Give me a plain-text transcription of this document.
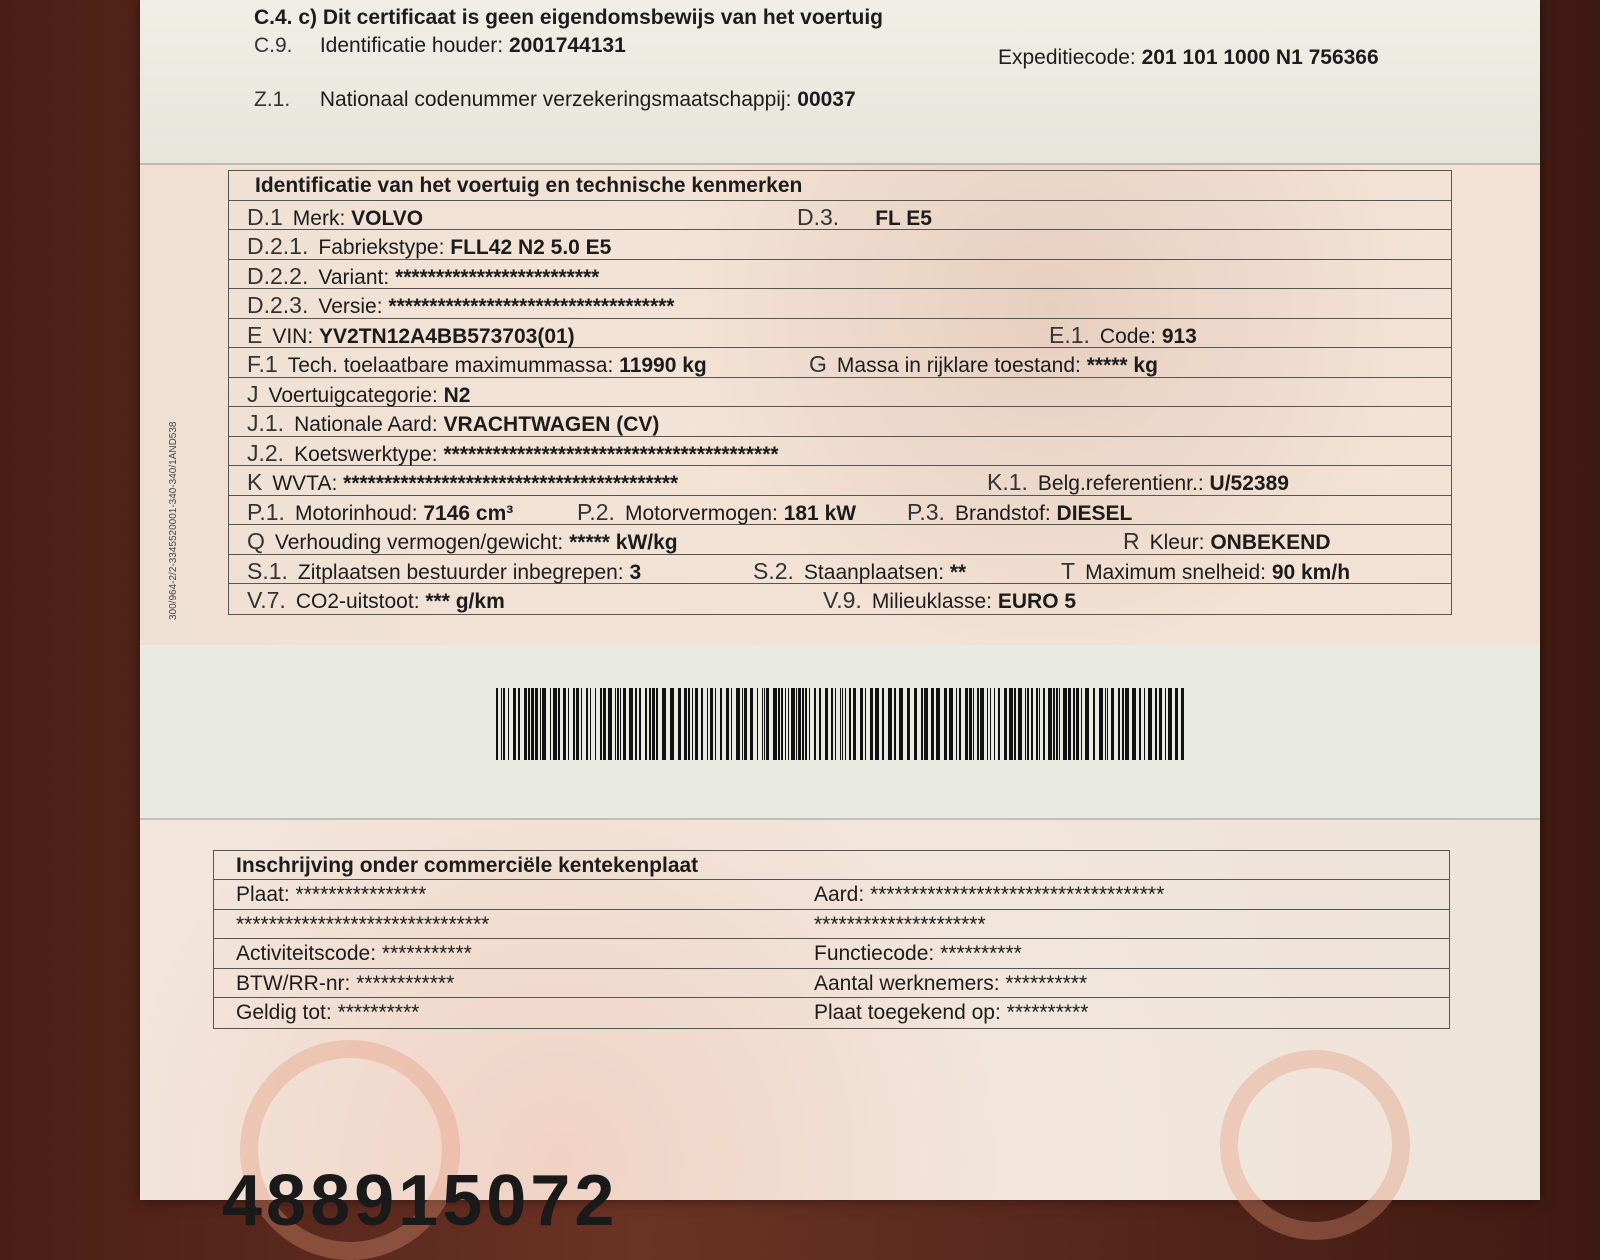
C.4. c) Dit certificaat is geen eigendomsbewijs van het voertuig
C.9. Identificatie houder: 2001744131
Expeditiecode: 201 101 1000 N1 756366
Z.1. Nationaal codenummer verzekeringsmaatschappij: 00037
300/964-2/2-3345520001-340-340/1AND538
Identificatie van het voertuig en technische kenmerken
D.1 Merk: VOLVO	D.3. FL E5
D.2.1. Fabriekstype: FLL42 N2 5.0 E5
D.2.2. Variant: *************************
D.2.3. Versie: ***********************************
E VIN: YV2TN12A4BB573703(01)	E.1. Code: 913
F.1 Tech. toelaatbare maximummassa: 11990 kg	G Massa in rijklare toestand: ***** kg
J Voertuigcategorie: N2
J.1. Nationale Aard: VRACHTWAGEN (CV)
J.2. Koetswerktype: *****************************************
K WVTA: *****************************************	K.1. Belg.referentienr.: U/52389
P.1. Motorinhoud: 7146 cm³	P.2. Motorvermogen: 181 kW P.3. Brandstof: DIESEL
Q Verhouding vermogen/gewicht: ***** kW/kg	R Kleur: ONBEKEND
S.1. Zitplaatsen bestuurder inbegrepen: 3	S.2. Staanplaatsen: **	T Maximum snelheid: 90 km/h
V.7. CO2-uitstoot: *** g/km	V.9. Milieuklasse: EURO 5
Inschrijving onder commerciële kentekenplaat
Plaat: ****************	Aard: ************************************
*******************************	*********************
Activiteitscode: ***********	Functiecode: **********
BTW/RR-nr: ************	Aantal werknemers: **********
Geldig tot: **********	Plaat toegekend op: **********
488915072
